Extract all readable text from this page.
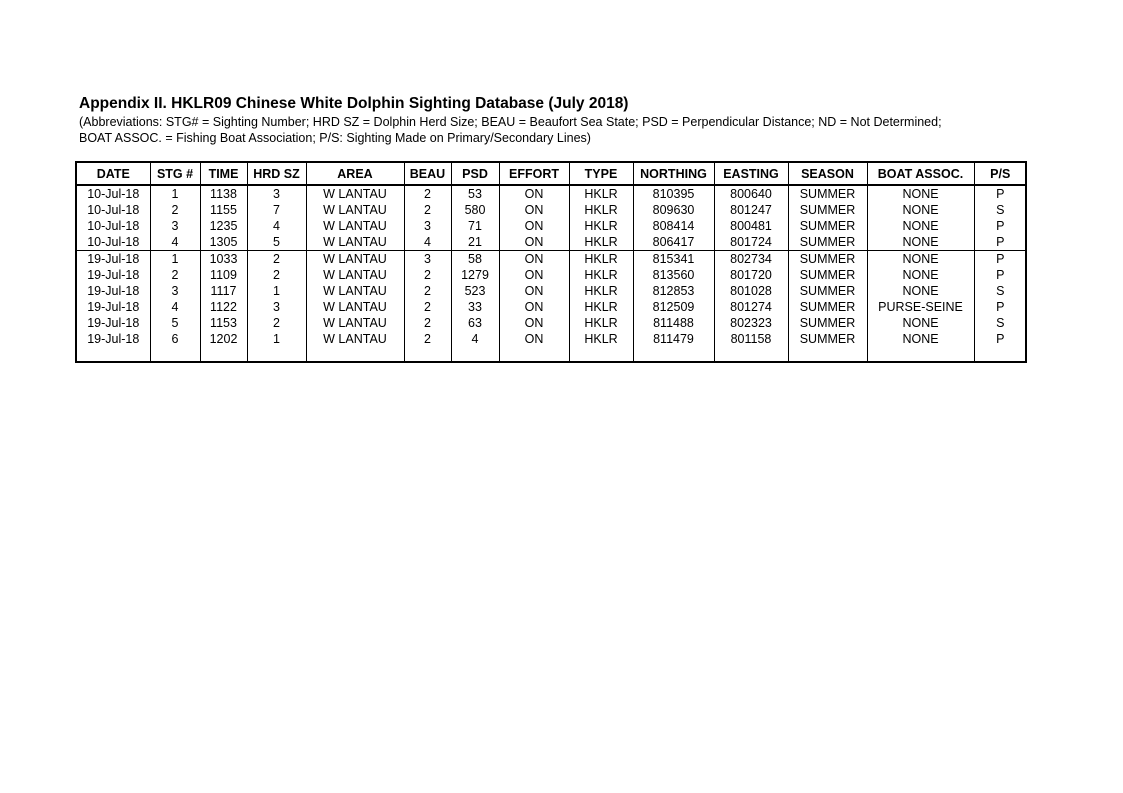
Appendix II. HKLR09 Chinese White Dolphin Sighting Database (July 2018)

(Abbreviations: STG# = Sighting Number; HRD SZ = Dolphin Herd Size; BEAU = Beaufort Sea State; PSD = Perpendicular Distance; ND = Not Determined;

BOAT ASSOC. = Fishing Boat Association; P/S: Sighting Made on Primary/Secondary Lines)

DATE	STG #	TIME	HRD SZ	AREA	BEAU	PSD	EFFORT	TYPE	NORTHING	EASTING	SEASON	BOAT ASSOC.	P/S
10-Jul-18	1	1138	3	W LANTAU	2	53	ON	HKLR	810395	800640	SUMMER	NONE	P
10-Jul-18	2	1155	7	W LANTAU	2	580	ON	HKLR	809630	801247	SUMMER	NONE	S
10-Jul-18	3	1235	4	W LANTAU	3	71	ON	HKLR	808414	800481	SUMMER	NONE	P
10-Jul-18	4	1305	5	W LANTAU	4	21	ON	HKLR	806417	801724	SUMMER	NONE	P
19-Jul-18	1	1033	2	W LANTAU	3	58	ON	HKLR	815341	802734	SUMMER	NONE	P
19-Jul-18	2	1109	2	W LANTAU	2	1279	ON	HKLR	813560	801720	SUMMER	NONE	P
19-Jul-18	3	1117	1	W LANTAU	2	523	ON	HKLR	812853	801028	SUMMER	NONE	S
19-Jul-18	4	1122	3	W LANTAU	2	33	ON	HKLR	812509	801274	SUMMER	PURSE-SEINE	P
19-Jul-18	5	1153	2	W LANTAU	2	63	ON	HKLR	811488	802323	SUMMER	NONE	S
19-Jul-18	6	1202	1	W LANTAU	2	4	ON	HKLR	811479	801158	SUMMER	NONE	P
